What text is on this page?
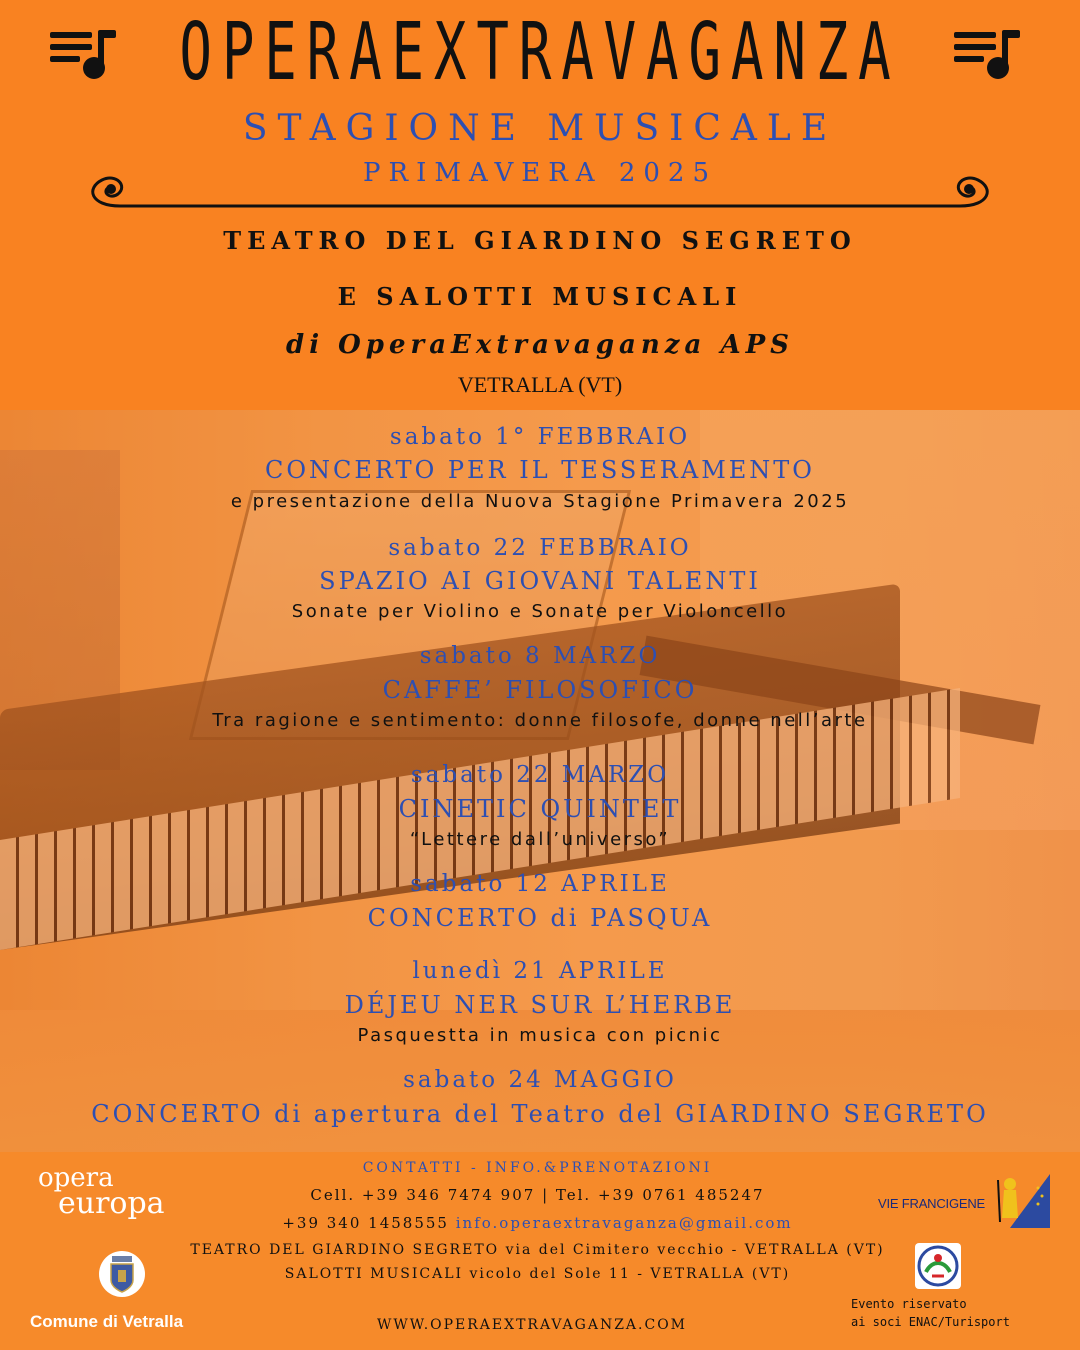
OPERAEXTRAVAGANZA
STAGIONE MUSICALE
PRIMAVERA 2025
TEATRO DEL GIARDINO SEGRETO
E SALOTTI MUSICALI
di OperaExtravaganza APS
VETRALLA (VT)
sabato 1° FEBBRAIO
CONCERTO PER IL TESSERAMENTO
e presentazione della Nuova Stagione Primavera 2025
sabato 22 FEBBRAIO
SPAZIO AI GIOVANI TALENTI
Sonate per Violino e Sonate per Violoncello
sabato 8 MARZO
CAFFE’ FILOSOFICO
Tra ragione e sentimento: donne filosofe, donne nell’arte
sabato 22 MARZO
CINETIC QUINTET
“Lettere dall’universo”
sabato 12 APRILE
CONCERTO di PASQUA
lunedì 21 APRILE
DÉJEU NER SUR L’HERBE
Pasquestta in musica con picnic
sabato 24 MAGGIO
CONCERTO di apertura del Teatro del GIARDINO SEGRETO
opera
europa
CONTATTI - INFO.&PRENOTAZIONI
Cell. +39 346 7474 907 | Tel. +39 0761 485247
+39 340 1458555 info.operaextravaganza@gmail.com
TEATRO DEL GIARDINO SEGRETO via del Cimitero vecchio - VETRALLA (VT)
SALOTTI MUSICALI vicolo del Sole 11 - VETRALLA (VT)
WWW.OPERAEXTRAVAGANZA.COM
Comune di Vetralla
VIE FRANCIGENE
Evento riservato
ai soci ENAC/Turisport
